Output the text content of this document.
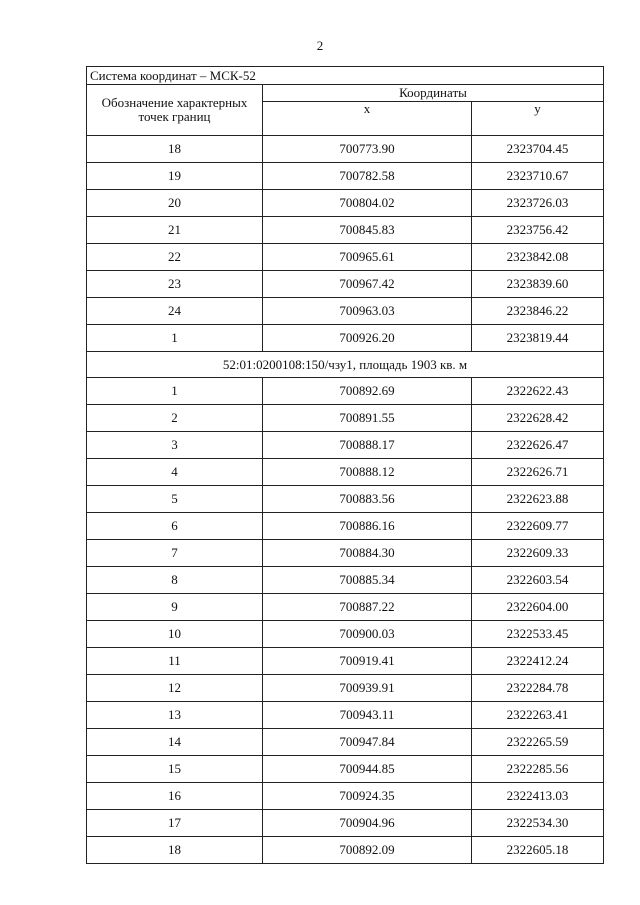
2
Система координат – МСК-52		
Обозначение характерных точек границ	Координаты	
	х	у
18	700773.90	2323704.45
19	700782.58	2323710.67
20	700804.02	2323726.03
21	700845.83	2323756.42
22	700965.61	2323842.08
23	700967.42	2323839.60
24	700963.03	2323846.22
1	700926.20	2323819.44
52:01:0200108:150/чзу1, площадь 1903 кв. м		
1	700892.69	2322622.43
2	700891.55	2322628.42
3	700888.17	2322626.47
4	700888.12	2322626.71
5	700883.56	2322623.88
6	700886.16	2322609.77
7	700884.30	2322609.33
8	700885.34	2322603.54
9	700887.22	2322604.00
10	700900.03	2322533.45
11	700919.41	2322412.24
12	700939.91	2322284.78
13	700943.11	2322263.41
14	700947.84	2322265.59
15	700944.85	2322285.56
16	700924.35	2322413.03
17	700904.96	2322534.30
18	700892.09	2322605.18
